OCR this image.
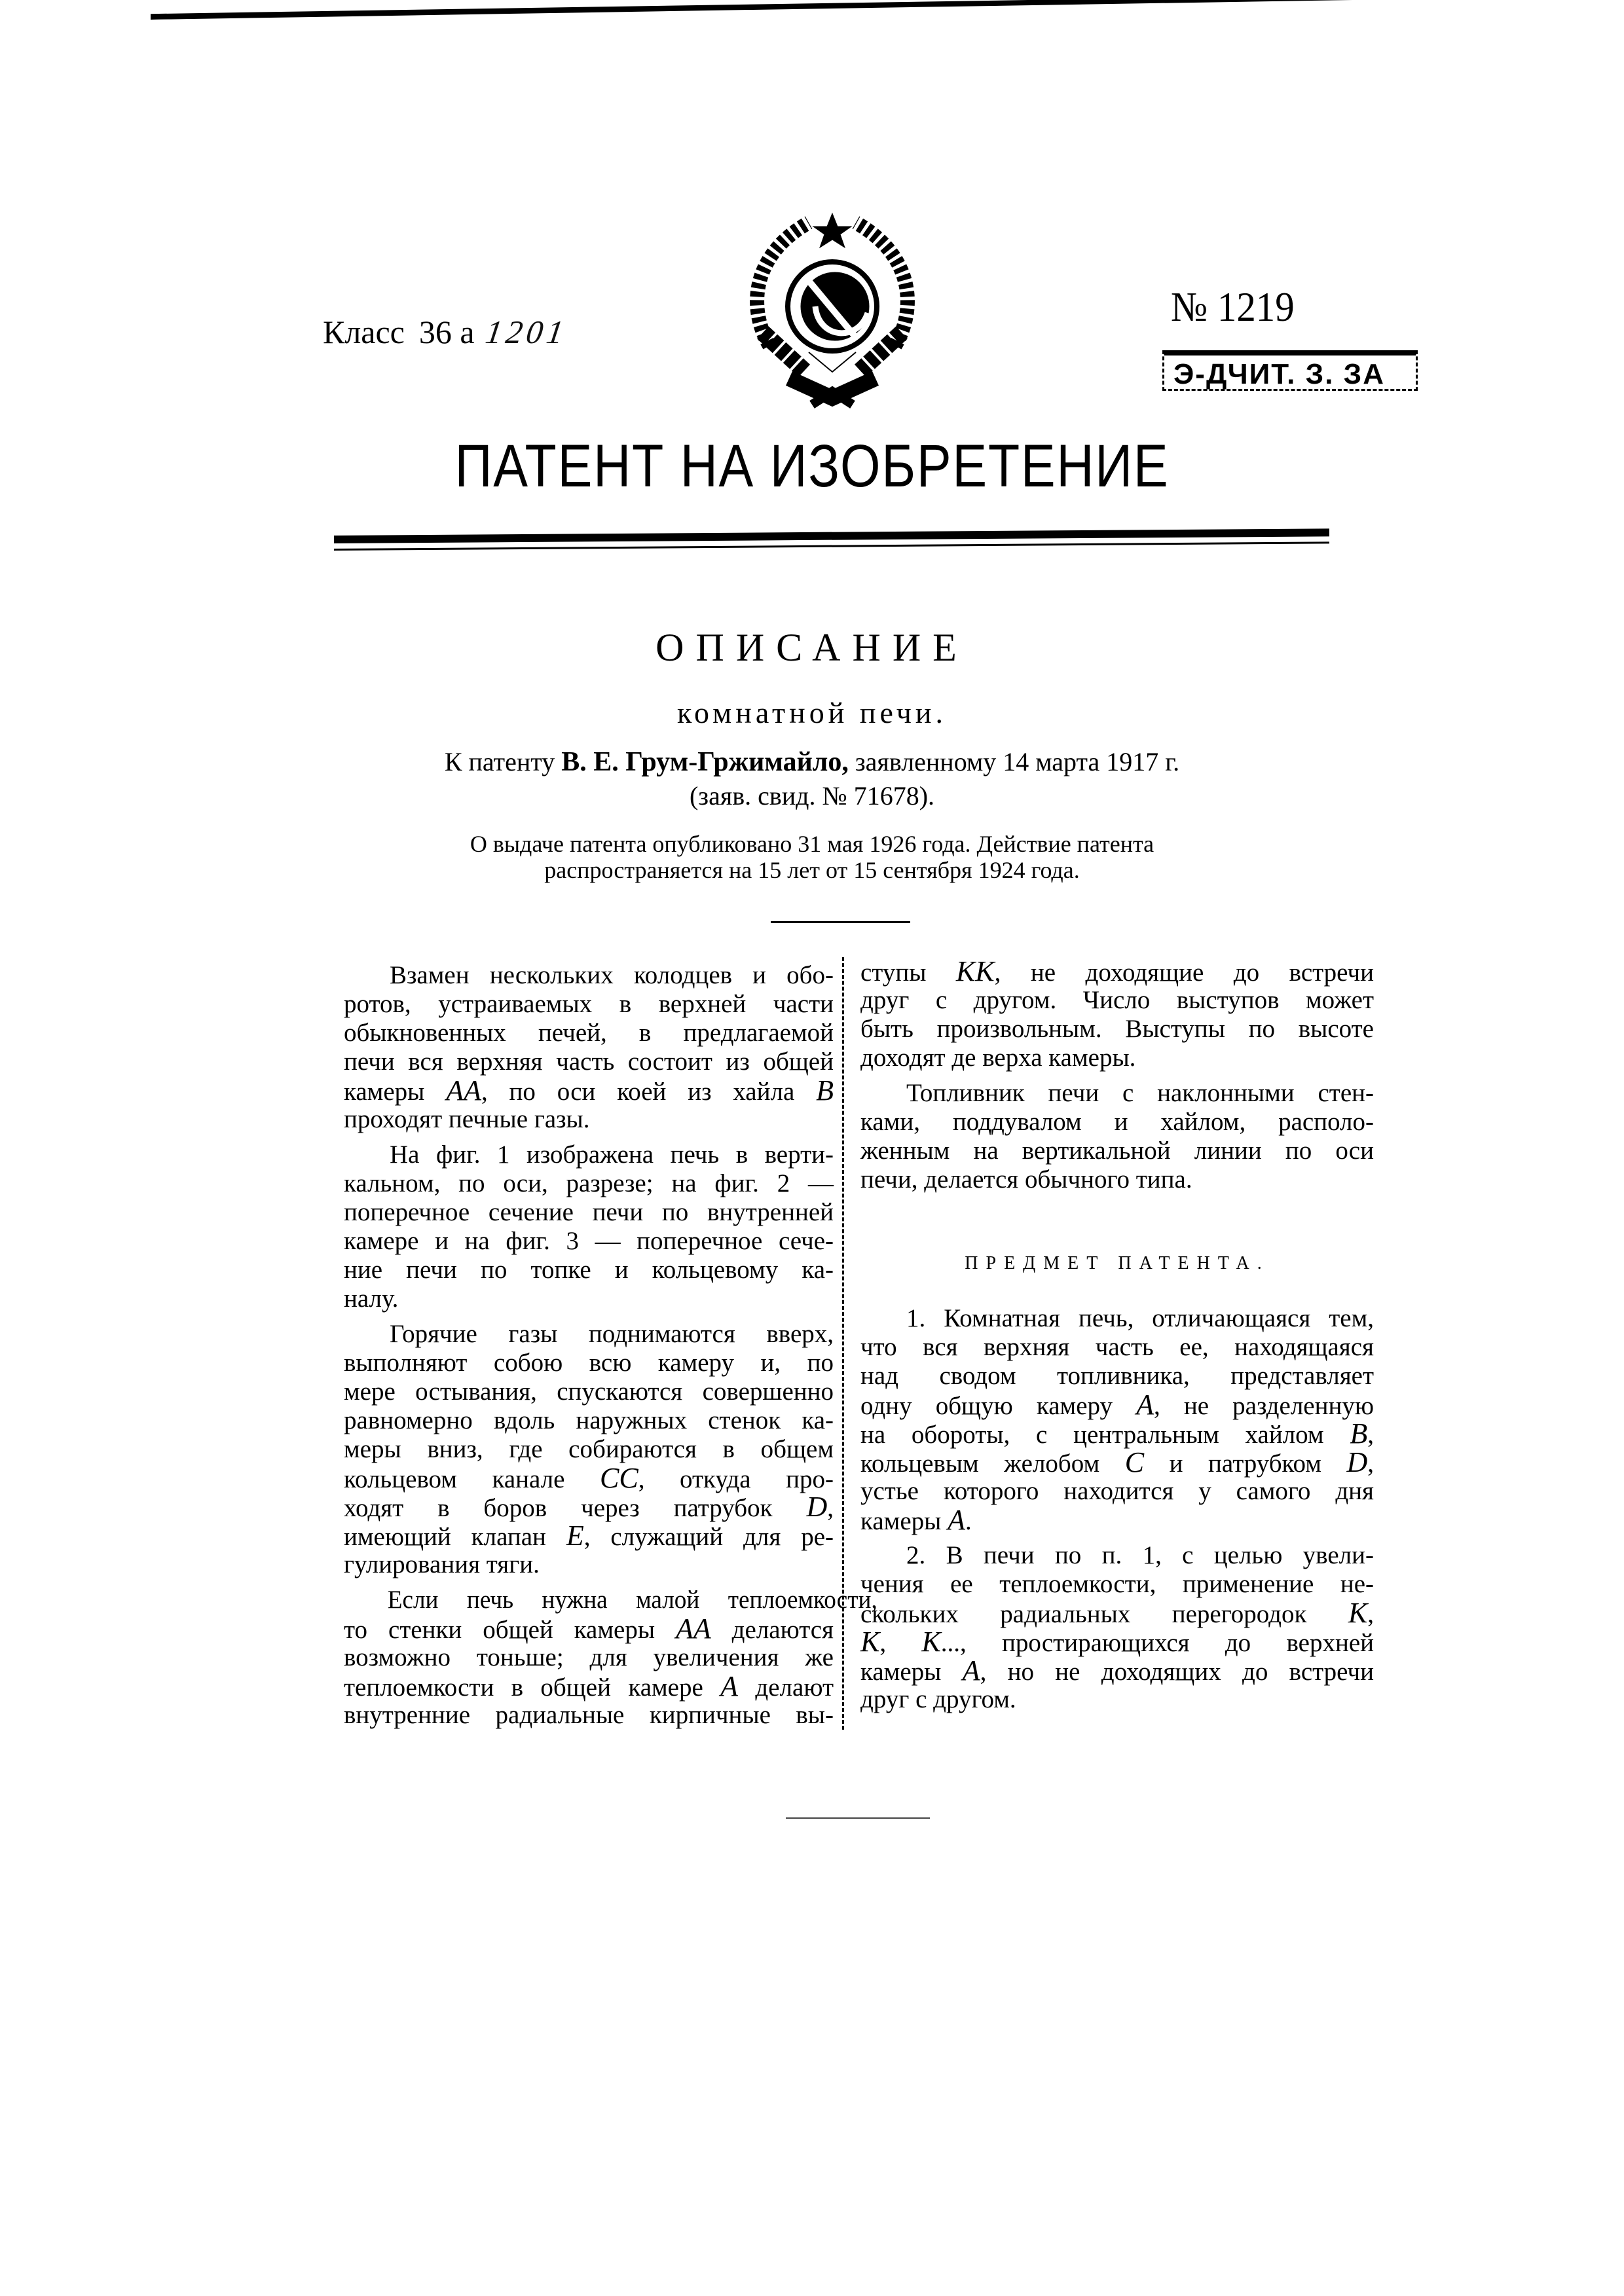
Класс 36 а 1201
№ 1219
Э-ДЧИТ. З. ЗА
ПАТЕНТ НА ИЗОБРЕТЕНИЕ
ОПИСАНИЕ
комнатной печи.
К патенту В. Е. Грум-Гржимайло, заявленному 14 марта 1917 г.
(заяв. свид. № 71678).
О выдаче патента опубликовано 31 мая 1926 года. Действие патента
распространяется на 15 лет от 15 сентября 1924 года.
Взамен нескольких колодцев и обо-
ротов, устраиваемых в верхней части
обыкновенных печей, в предлагаемой
печи вся верхняя часть состоит из общей
камеры AA, по оси коей из хайла B
проходят печные газы.
На фиг. 1 изображена печь в верти-
кальном, по оси, разрезе; на фиг. 2 —
поперечное сечение печи по внутренней
камере и на фиг. 3 — поперечное сече-
ние печи по топке и кольцевому ка-
налу.
Горячие газы поднимаются вверх,
выполняют собою всю камеру и, по
мере остывания, спускаются совершенно
равномерно вдоль наружных стенок ка-
меры вниз, где собираются в общем
кольцевом канале CC, откуда про-
ходят в боров через патрубок D,
имеющий клапан E, служащий для ре-
гулирования тяги.
Если печь нужна малой теплоемкости,
то стенки общей камеры AA делаются
возможно тоньше; для увеличения же
теплоемкости в общей камере A делают
внутренние радиальные кирпичные вы-
ступы KK, не доходящие до встречи
друг с другом. Число выступов может
быть произвольным. Выступы по высоте
доходят де верха камеры.
Топливник печи с наклонными стен-
ками, поддувалом и хайлом, располо-
женным на вертикальной линии по оси
печи, делается обычного типа.
ПРЕДМЕТ ПАТЕНТА.
1. Комнатная печь, отличающаяся тем,
что вся верхняя часть ее, находящаяся
над сводом топливника, представляет
одну общую камеру A, не разделенную
на обороты, с центральным хайлом B,
кольцевым желобом C и патрубком D,
устье которого находится у самого дня
камеры A.
2. В печи по п. 1, с целью увели-
чения ее теплоемкости, применение не-
скольких радиальных перегородок K,
K, K..., простирающихся до верхней
камеры A, но не доходящих до встречи
друг с другом.
